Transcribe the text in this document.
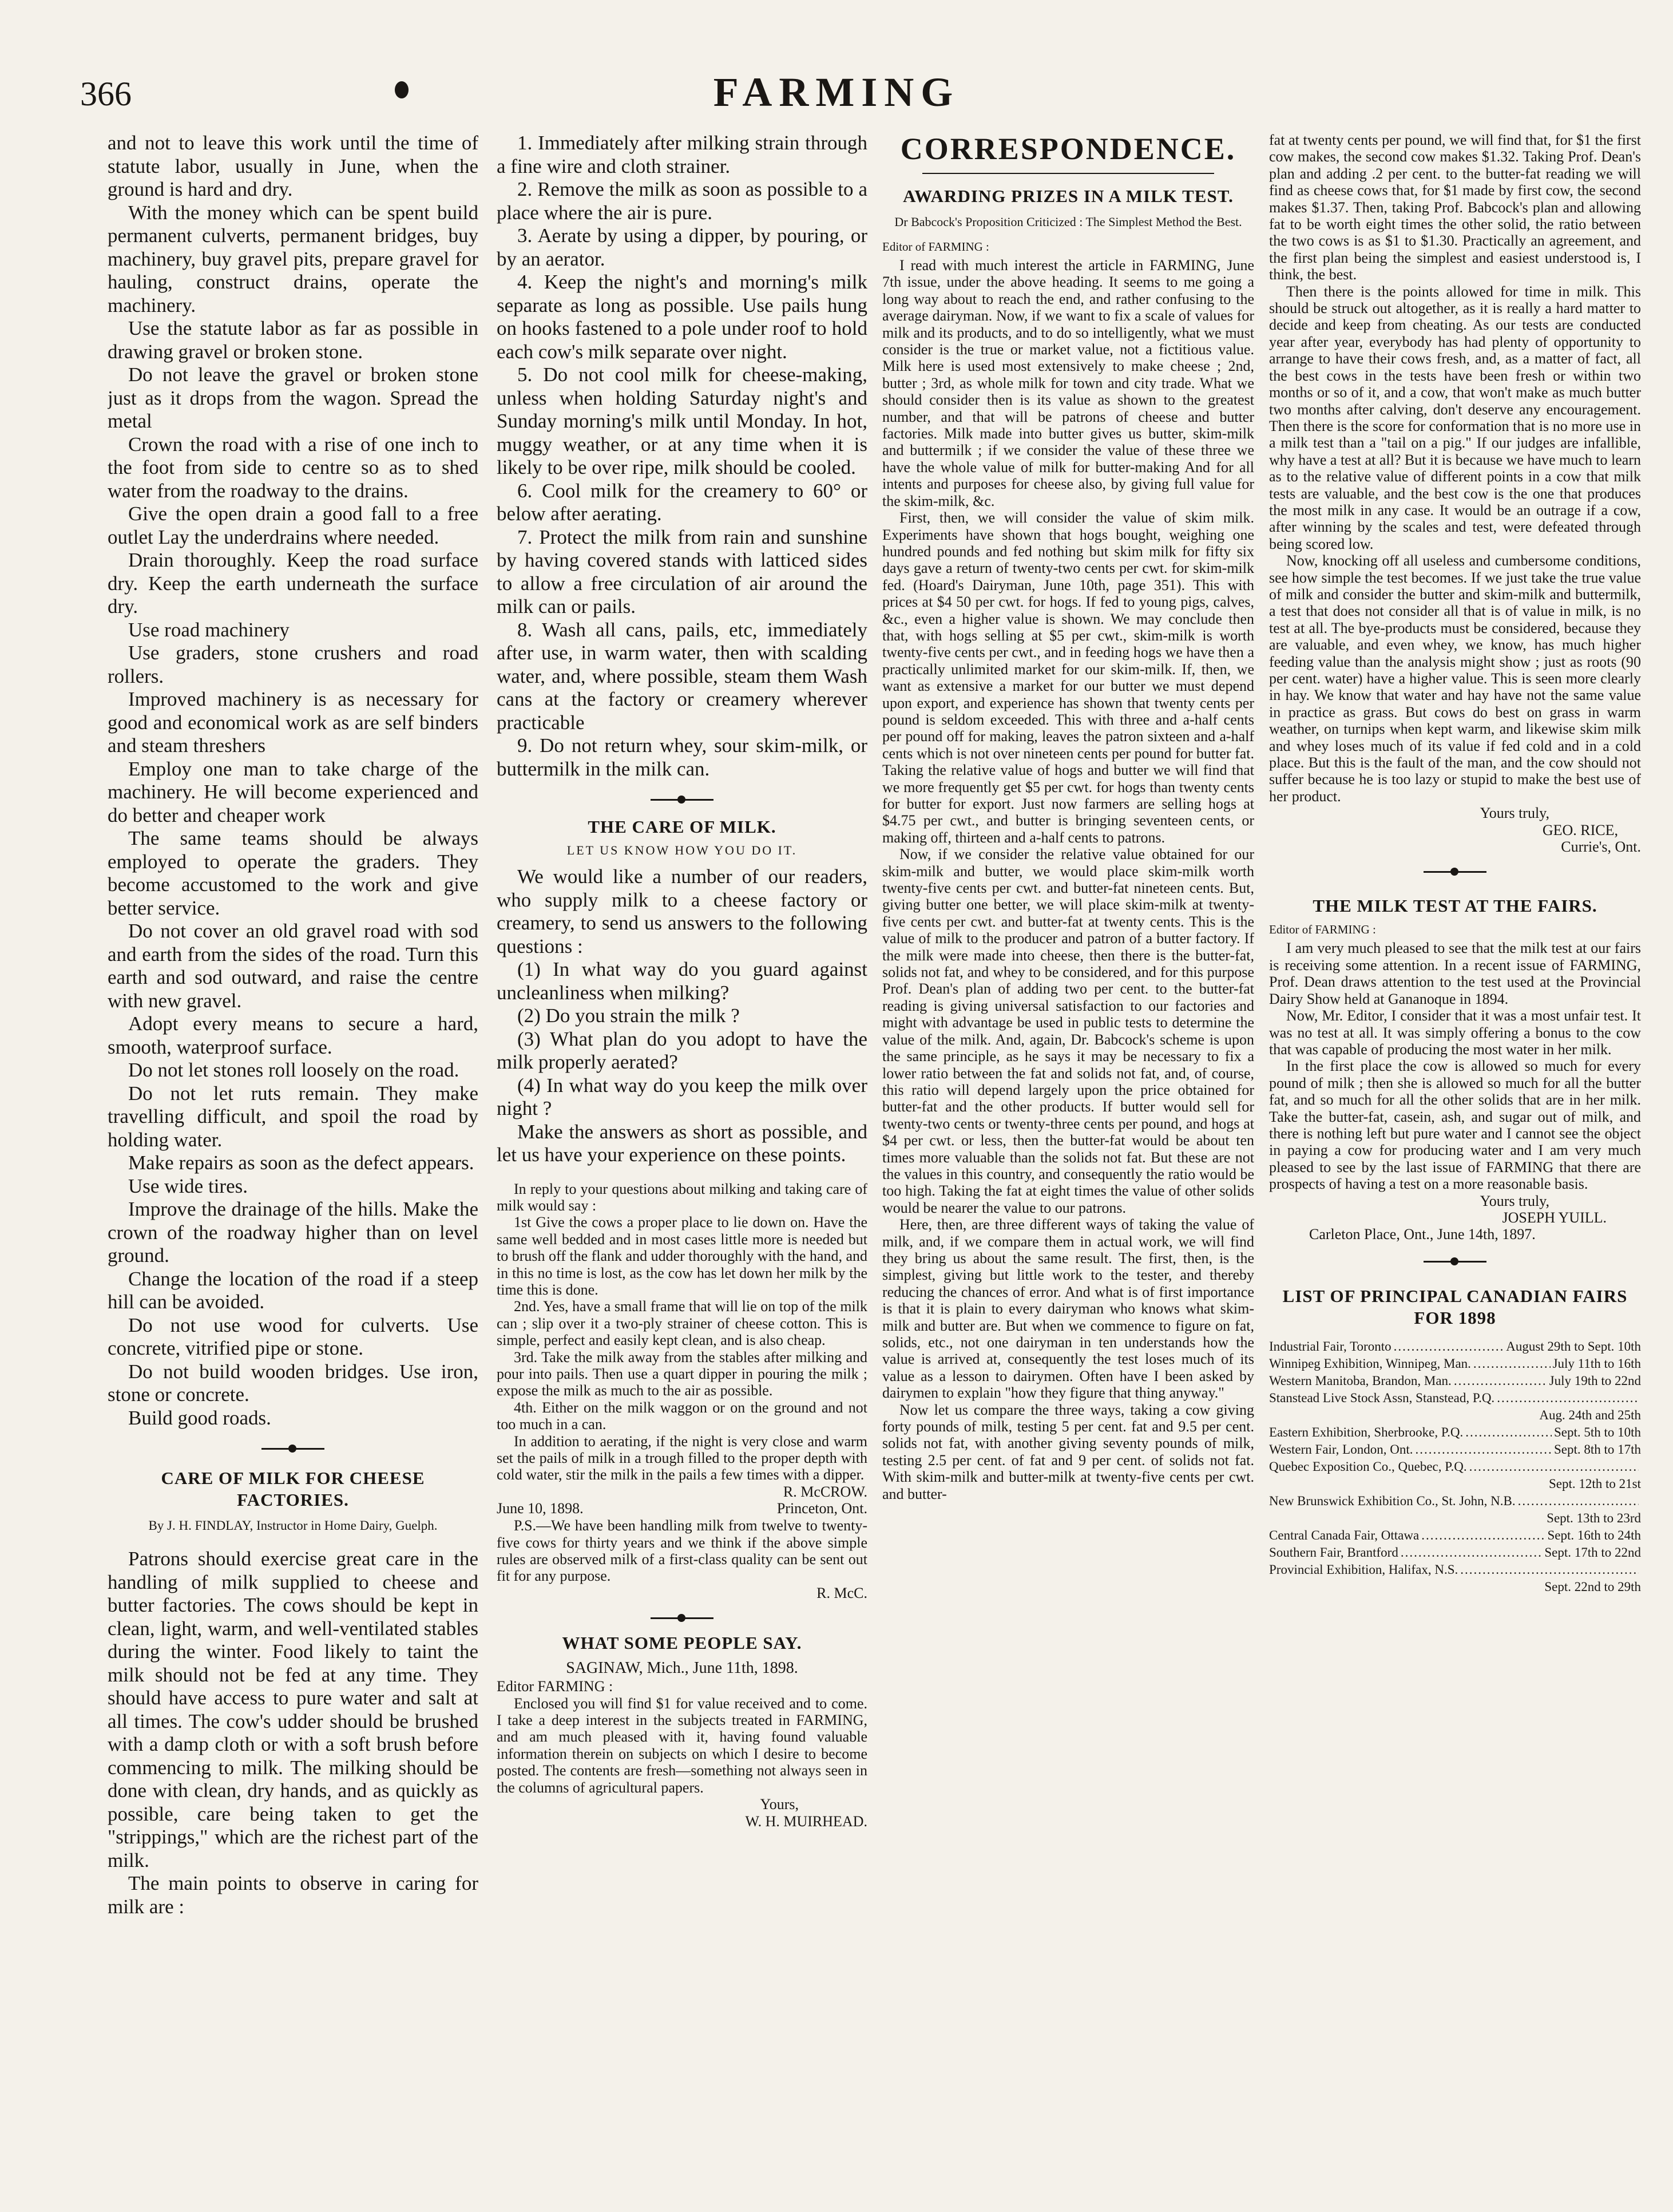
366	FARMING

and not to leave this work until the time of statute labor, usually in June, when the ground is hard and dry.

With the money which can be spent build permanent culverts, permanent bridges, buy machinery, buy gravel pits, prepare gravel for hauling, construct drains, operate the machinery.

Use the statute labor as far as possible in drawing gravel or broken stone.

Do not leave the gravel or broken stone just as it drops from the wagon. Spread the metal

Crown the road with a rise of one inch to the foot from side to centre so as to shed water from the roadway to the drains.

Give the open drain a good fall to a free outlet Lay the underdrains where needed.

Drain thoroughly. Keep the road surface dry. Keep the earth underneath the surface dry.

Use road machinery

Use graders, stone crushers and road rollers.

Improved machinery is as necessary for good and economical work as are self binders and steam threshers

Employ one man to take charge of the machinery. He will become experienced and do better and cheaper work

The same teams should be always employed to operate the graders. They become accustomed to the work and give better service.

Do not cover an old gravel road with sod and earth from the sides of the road. Turn this earth and sod outward, and raise the centre with new gravel.

Adopt every means to secure a hard, smooth, waterproof surface.

Do not let stones roll loosely on the road.

Do not let ruts remain. They make travelling difficult, and spoil the road by holding water.

Make repairs as soon as the defect appears.

Use wide tires.

Improve the drainage of the hills. Make the crown of the roadway higher than on level ground.

Change the location of the road if a steep hill can be avoided.

Do not use wood for culverts. Use concrete, vitrified pipe or stone.

Do not build wooden bridges. Use iron, stone or concrete.

Build good roads.

CARE OF MILK FOR CHEESE FACTORIES.

By J. H. FINDLAY, Instructor in Home Dairy, Guelph.

Patrons should exercise great care in the handling of milk supplied to cheese and butter factories. The cows should be kept in clean, light, warm, and well-ventilated stables during the winter. Food likely to taint the milk should not be fed at any time. They should have access to pure water and salt at all times. The cow's udder should be brushed with a damp cloth or with a soft brush before commencing to milk. The milking should be done with clean, dry hands, and as quickly as possible, care being taken to get the "strippings," which are the richest part of the milk.

The main points to observe in caring for milk are :

1. Immediately after milking strain through a fine wire and cloth strainer.

2. Remove the milk as soon as possible to a place where the air is pure.

3. Aerate by using a dipper, by pouring, or by an aerator.

4. Keep the night's and morning's milk separate as long as possible. Use pails hung on hooks fastened to a pole under roof to hold each cow's milk separate over night.

5. Do not cool milk for cheese-making, unless when holding Saturday night's and Sunday morning's milk until Monday. In hot, muggy weather, or at any time when it is likely to be over ripe, milk should be cooled.

6. Cool milk for the creamery to 60° or below after aerating.

7. Protect the milk from rain and sunshine by having covered stands with latticed sides to allow a free circulation of air around the milk can or pails.

8. Wash all cans, pails, etc, immediately after use, in warm water, then with scalding water, and, where possible, steam them Wash cans at the factory or creamery wherever practicable

9. Do not return whey, sour skim-milk, or buttermilk in the milk can.

THE CARE OF MILK.

LET US KNOW HOW YOU DO IT.

We would like a number of our readers, who supply milk to a cheese factory or creamery, to send us answers to the following questions :

(1) In what way do you guard against uncleanliness when milking?

(2) Do you strain the milk ?

(3) What plan do you adopt to have the milk properly aerated?

(4) In what way do you keep the milk over night ?

Make the answers as short as possible, and let us have your experience on these points.

In reply to your questions about milking and taking care of milk would say :

1st Give the cows a proper place to lie down on. Have the same well bedded and in most cases little more is needed but to brush off the flank and udder thoroughly with the hand, and in this no time is lost, as the cow has let down her milk by the time this is done.

2nd. Yes, have a small frame that will lie on top of the milk can ; slip over it a two-ply strainer of cheese cotton. This is simple, perfect and easily kept clean, and is also cheap.

3rd. Take the milk away from the stables after milking and pour into pails. Then use a quart dipper in pouring the milk ; expose the milk as much to the air as possible.

4th. Either on the milk waggon or on the ground and not too much in a can.

In addition to aerating, if the night is very close and warm set the pails of milk in a trough filled to the proper depth with cold water, stir the milk in the pails a few times with a dipper.

R. McCROW.

June 10, 1898.	Princeton, Ont.

P.S.—We have been handling milk from twelve to twenty-five cows for thirty years and we think if the above simple rules are observed milk of a first-class quality can be sent out fit for any purpose.

R. McC.

WHAT SOME PEOPLE SAY.

SAGINAW, Mich., June 11th, 1898.

Editor FARMING :

Enclosed you will find $1 for value received and to come. I take a deep interest in the subjects treated in FARMING, and am much pleased with it, having found valuable information therein on subjects on which I desire to become posted. The contents are fresh—something not always seen in the columns of agricultural papers.

Yours,

W. H. MUIRHEAD.

CORRESPONDENCE.
AWARDING PRIZES IN A MILK TEST.

Dr Babcock's Proposition Criticized : The Simplest Method the Best.

Editor of FARMING :

I read with much interest the article in FARMING, June 7th issue, under the above heading. It seems to me going a long way about to reach the end, and rather confusing to the average dairyman. Now, if we want to fix a scale of values for milk and its products, and to do so intelligently, what we must consider is the true or market value, not a fictitious value. Milk here is used most extensively to make cheese ; 2nd, butter ; 3rd, as whole milk for town and city trade. What we should consider then is its value as shown to the greatest number, and that will be patrons of cheese and butter factories. Milk made into butter gives us butter, skim-milk and buttermilk ; if we consider the value of these three we have the whole value of milk for butter-making And for all intents and purposes for cheese also, by giving full value for the skim-milk, &c.

First, then, we will consider the value of skim milk. Experiments have shown that hogs bought, weighing one hundred pounds and fed nothing but skim milk for fifty six days gave a return of twenty-two cents per cwt. for skim-milk fed. (Hoard's Dairyman, June 10th, page 351). This with prices at $4 50 per cwt. for hogs. If fed to young pigs, calves, &c., even a higher value is shown. We may conclude then that, with hogs selling at $5 per cwt., skim-milk is worth twenty-five cents per cwt., and in feeding hogs we have then a practically unlimited market for our skim-milk. If, then, we want as extensive a market for our butter we must depend upon export, and experience has shown that twenty cents per pound is seldom exceeded. This with three and a-half cents per pound off for making, leaves the patron sixteen and a-half cents which is not over nineteen cents per pound for butter fat. Taking the relative value of hogs and butter we will find that we more frequently get $5 per cwt. for hogs than twenty cents for butter for export. Just now farmers are selling hogs at $4.75 per cwt., and butter is bringing seventeen cents, or making off, thirteen and a-half cents to patrons.

Now, if we consider the relative value obtained for our skim-milk and butter, we would place skim-milk worth twenty-five cents per cwt. and butter-fat nineteen cents. But, giving butter one better, we will place skim-milk at twenty-five cents per cwt. and butter-fat at twenty cents. This is the value of milk to the producer and patron of a butter factory. If the milk were made into cheese, then there is the butter-fat, solids not fat, and whey to be considered, and for this purpose Prof. Dean's plan of adding two per cent. to the butter-fat reading is giving universal satisfaction to our factories and might with advantage be used in public tests to determine the value of the milk. And, again, Dr. Babcock's scheme is upon the same principle, as he says it may be necessary to fix a lower ratio between the fat and solids not fat, and, of course, this ratio will depend largely upon the price obtained for butter-fat and the other products. If butter would sell for twenty-two cents or twenty-three cents per pound, and hogs at $4 per cwt. or less, then the butter-fat would be about ten times more valuable than the solids not fat. But these are not the values in this country, and consequently the ratio would be too high. Taking the fat at eight times the value of other solids would be nearer the value to our patrons.

Here, then, are three different ways of taking the value of milk, and, if we compare them in actual work, we will find they bring us about the same result. The first, then, is the simplest, giving but little work to the tester, and thereby reducing the chances of error. And what is of first importance is that it is plain to every dairyman who knows what skim-milk and butter are. But when we commence to figure on fat, solids, etc., not one dairyman in ten understands how the value is arrived at, consequently the test loses much of its value as a lesson to dairymen. Often have I been asked by dairymen to explain "how they figure that thing anyway."

Now let us compare the three ways, taking a cow giving forty pounds of milk, testing 5 per cent. fat and 9.5 per cent. solids not fat, with another giving seventy pounds of milk, testing 2.5 per cent. of fat and 9 per cent. of solids not fat. With skim-milk and butter-milk at twenty-five cents per cwt. and butter-

fat at twenty cents per pound, we will find that, for $1 the first cow makes, the second cow makes $1.32. Taking Prof. Dean's plan and adding .2 per cent. to the butter-fat reading we will find as cheese cows that, for $1 made by first cow, the second makes $1.37. Then, taking Prof. Babcock's plan and allowing fat to be worth eight times the other solid, the ratio between the two cows is as $1 to $1.30. Practically an agreement, and the first plan being the simplest and easiest understood is, I think, the best.

Then there is the points allowed for time in milk. This should be struck out altogether, as it is really a hard matter to decide and keep from cheating. As our tests are conducted year after year, everybody has had plenty of opportunity to arrange to have their cows fresh, and, as a matter of fact, all the best cows in the tests have been fresh or within two months or so of it, and a cow, that won't make as much butter two months after calving, don't deserve any encouragement. Then there is the score for conformation that is no more use in a milk test than a "tail on a pig." If our judges are infallible, why have a test at all? But it is because we have much to learn as to the relative value of different points in a cow that milk tests are valuable, and the best cow is the one that produces the most milk in any case. It would be an outrage if a cow, after winning by the scales and test, were defeated through being scored low.

Now, knocking off all useless and cumbersome conditions, see how simple the test becomes. If we just take the true value of milk and consider the butter and skim-milk and buttermilk, a test that does not consider all that is of value in milk, is no test at all. The bye-products must be considered, because they are valuable, and even whey, we know, has much higher feeding value than the analysis might show ; just as roots (90 per cent. water) have a higher value. This is seen more clearly in hay. We know that water and hay have not the same value in practice as grass. But cows do best on grass in warm weather, on turnips when kept warm, and likewise skim milk and whey loses much of its value if fed cold and in a cold place. But this is the fault of the man, and the cow should not suffer because he is too lazy or stupid to make the best use of her product.

Yours truly,

GEO. RICE,

Currie's, Ont.

THE MILK TEST AT THE FAIRS.

Editor of FARMING :

I am very much pleased to see that the milk test at our fairs is receiving some attention. In a recent issue of FARMING, Prof. Dean draws attention to the test used at the Provincial Dairy Show held at Gananoque in 1894.

Now, Mr. Editor, I consider that it was a most unfair test. It was no test at all. It was simply offering a bonus to the cow that was capable of producing the most water in her milk.

In the first place the cow is allowed so much for every pound of milk ; then she is allowed so much for all the butter fat, and so much for all the other solids that are in her milk. Take the butter-fat, casein, ash, and sugar out of milk, and there is nothing left but pure water and I cannot see the object in paying a cow for producing water and I am very much pleased to see by the last issue of FARMING that there are prospects of having a test on a more reasonable basis.

Yours truly,

JOSEPH YUILL.

Carleton Place, Ont., June 14th, 1897.

LIST OF PRINCIPAL CANADIAN FAIRS FOR 1898
Industrial Fair, Toronto .....	August 29th to Sept. 10th
Winnipeg Exhibition, Winnipeg, Man. .....	July 11th to 16th
Western Manitoba, Brandon, Man. .....	July 19th to 22nd
Stanstead Live Stock Assn, Stanstead, P.Q.
.....
Aug. 24th and 25th
Eastern Exhibition, Sherbrooke, P.Q. .....	Sept. 5th to 10th
Western Fair, London, Ont. .....	Sept. 8th to 17th
Quebec Exposition Co., Quebec, P.Q.
.....
Sept. 12th to 21st
New Brunswick Exhibition Co., St. John, N.B.
.....
Sept. 13th to 23rd
Central Canada Fair, Ottawa .....	Sept. 16th to 24th
Southern Fair, Brantford .....	Sept. 17th to 22nd
Provincial Exhibition, Halifax, N.S.
.....
Sept. 22nd to 29th
